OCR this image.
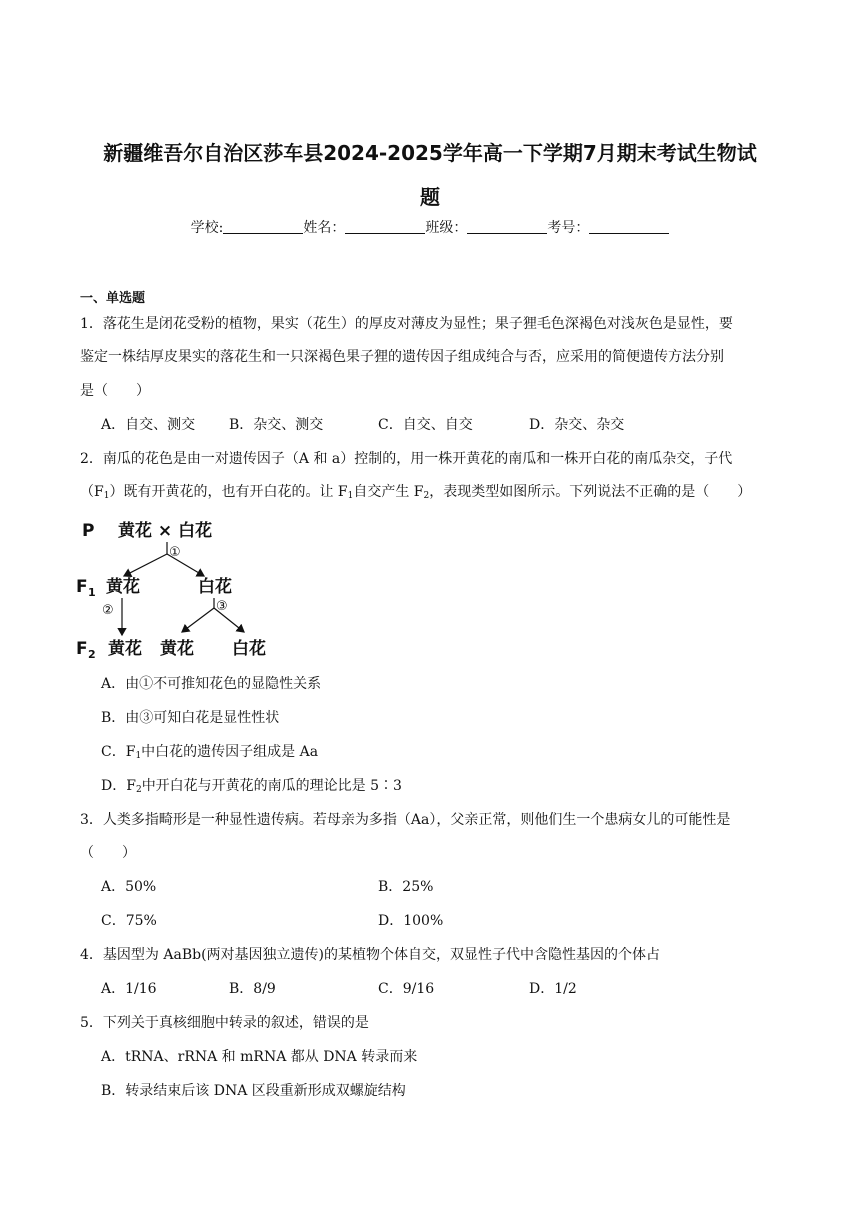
新疆维吾尔自治区莎车县2024-2025学年高一下学期7月期末考试生物试
题
学校:	姓名：	班级：	考号：
一、单选题
1．落花生是闭花受粉的植物，果实（花生）的厚皮对薄皮为显性；果子狸毛色深褐色对浅灰色是显性，要
鉴定一株结厚皮果实的落花生和一只深褐色果子狸的遗传因子组成纯合与否，应采用的简便遗传方法分别
是（　　）
A．自交、测交 B．杂交、测交	C．自交、自交	D．杂交、杂交
2．南瓜的花色是由一对遗传因子（A 和 a）控制的，用一株开黄花的南瓜和一株开白花的南瓜杂交，子代
$(F_1)$既有开黄花的，也有开白花的。让 $F_1$自交产生 $F_2$，表现类型如图所示。下列说法不正确的是（　　）
P 黄花 × 白花
①
F 1 黄花	白花
②	③
F 2 黄花 黄花 白花
A．由①不可推知花色的显隐性关系
B．由③可知白花是显性性状
C．$F_1$中白花的遗传因子组成是 Aa
D．$F_2$中开白花与开黄花的南瓜的理论比是 5∶3
3．人类多指畸形是一种显性遗传病。若母亲为多指（Aa），父亲正常，则他们生一个患病女儿的可能性是
（　　）
A．50%	B．25%
C．75%	D．100%
4．基因型为 AaBb(两对基因独立遗传)的某植物个体自交，双显性子代中含隐性基因的个体占
A．1/16	B．8/9	C．9/16	D．1/2
5．下列关于真核细胞中转录的叙述，错误的是
A．tRNA、rRNA 和 mRNA 都从 DNA 转录而来
B．转录结束后该 DNA 区段重新形成双螺旋结构
